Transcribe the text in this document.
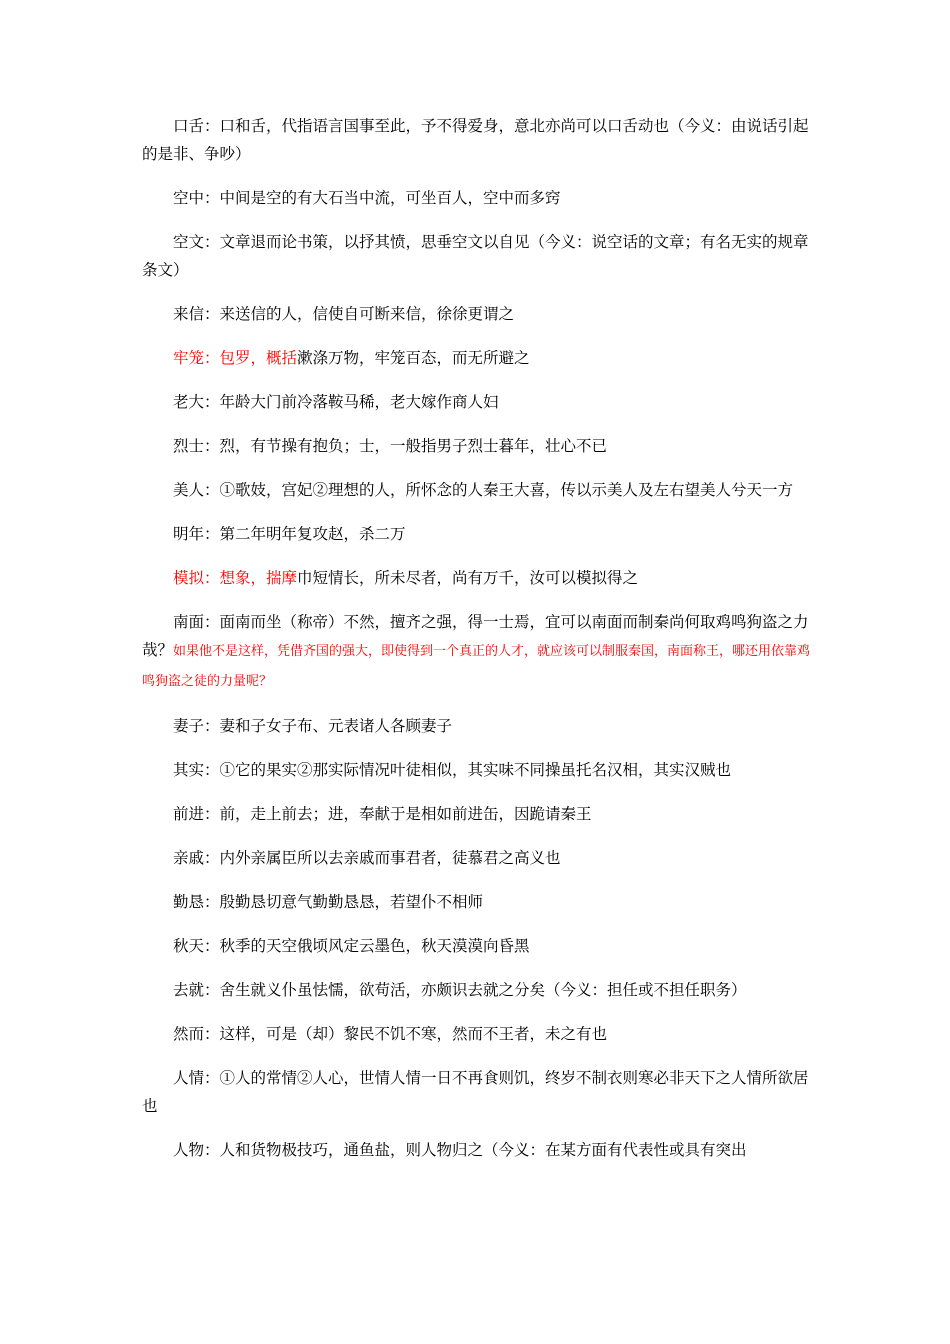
口舌：口和舌，代指语言国事至此，予不得爱身，意北亦尚可以口舌动也（今义：由说话引起的是非、争吵）

空中：中间是空的有大石当中流，可坐百人，空中而多窍

空文：文章退而论书策，以抒其愤，思垂空文以自见（今义：说空话的文章；有名无实的规章条文）

来信：来送信的人，信使自可断来信，徐徐更谓之

牢笼：包罗，概括漱涤万物，牢笼百态，而无所避之

老大：年龄大门前冷落鞍马稀，老大嫁作商人妇

烈士：烈，有节操有抱负；士，一般指男子烈士暮年，壮心不已

美人：①歌妓，宫妃②理想的人，所怀念的人秦王大喜，传以示美人及左右望美人兮天一方

明年：第二年明年复攻赵，杀二万

模拟：想象，揣摩巾短情长，所未尽者，尚有万千，汝可以模拟得之

南面：面南而坐（称帝）不然，擅齐之强，得一士焉，宜可以南面而制秦尚何取鸡鸣狗盗之力哉？如果他不是这样，凭借齐国的强大，即使得到一个真正的人才，就应该可以制服秦国，南面称王，哪还用依靠鸡鸣狗盗之徒的力量呢？

妻子：妻和子女子布、元表诸人各顾妻子

其实：①它的果实②那实际情况叶徒相似，其实味不同操虽托名汉相，其实汉贼也

前进：前，走上前去；进，奉献于是相如前进缶，因跪请秦王

亲戚：内外亲属臣所以去亲戚而事君者，徒慕君之高义也

勤恳：殷勤恳切意气勤勤恳恳，若望仆不相师

秋天：秋季的天空俄顷风定云墨色，秋天漠漠向昏黑

去就：舍生就义仆虽怯懦，欲苟活，亦颇识去就之分矣（今义：担任或不担任职务）

然而：这样，可是（却）黎民不饥不寒，然而不王者，未之有也

人情：①人的常情②人心，世情人情一日不再食则饥，终岁不制衣则寒必非天下之人情所欲居也

人物：人和货物极技巧，通鱼盐，则人物归之（今义：在某方面有代表性或具有突出
